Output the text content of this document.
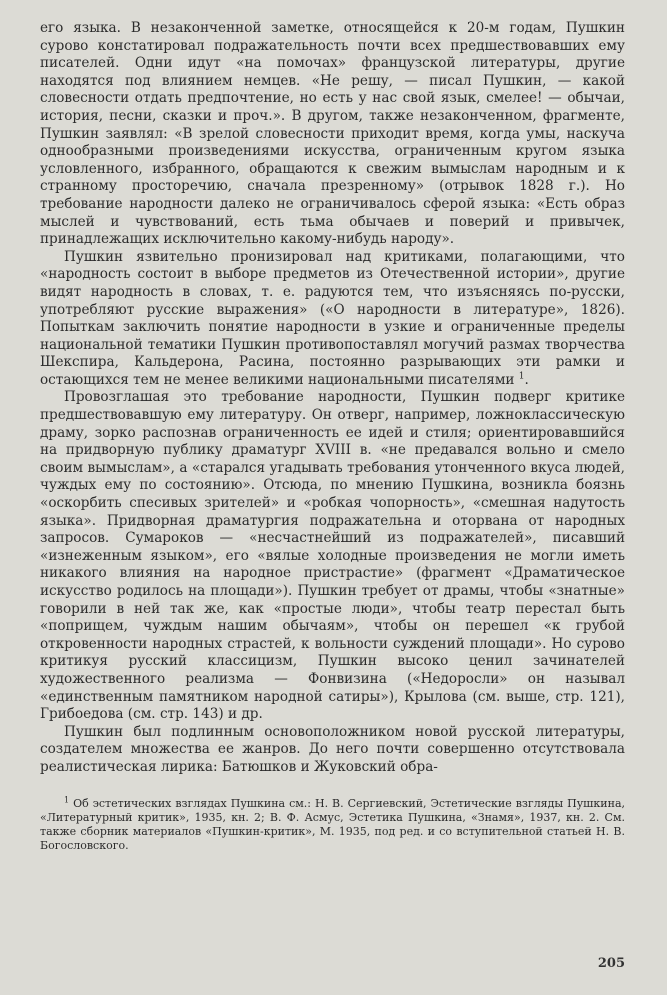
его языка. В незаконченной заметке, относящейся к 20-м годам, Пушкин сурово констатировал подражательность почти всех предшествовавших ему писателей. Одни идут «на помочах» французской литературы, другие находятся под влиянием немцев. «Не решу, — писал Пушкин, — какой словесности отдать предпочтение, но есть у нас свой язык, смелее! — обычаи, история, песни, сказки и проч.». В другом, также незаконченном, фрагменте, Пушкин заявлял: «В зрелой словесности приходит время, когда умы, наскуча однообразными произведениями искусства, ограниченным кругом языка условленного, избранного, обращаются к свежим вымыслам народным и к странному просторечию, сначала презренному» (отрывок 1828 г.). Но требование народности далеко не ограничивалось сферой языка: «Есть образ мыслей и чувствований, есть тьма обычаев и поверий и привычек, принадлежащих исключительно какому-нибудь народу».

Пушкин язвительно пронизировал над критиками, полагающими, что «народность состоит в выборе предметов из Отечественной истории», другие видят народность в словах, т. е. радуются тем, что изъясняясь по-русски, употребляют русские выражения» («О народности в литературе», 1826). Попыткам заключить понятие народности в узкие и ограниченные пределы национальной тематики Пушкин противопоставлял могучий размах творчества Шекспира, Кальдерона, Расина, постоянно разрывающих эти рамки и остающихся тем не менее великими национальными писателями $^1$.

Провозглашая это требование народности, Пушкин подверг критике предшествовавшую ему литературу. Он отверг, например, ложноклассическую драму, зорко распознав ограниченность ее идей и стиля; ориентировавшийся на придворную публику драматург XVIII в. «не предавался вольно и смело своим вымыслам», а «старался угадывать требования утонченного вкуса людей, чуждых ему по состоянию». Отсюда, по мнению Пушкина, возникла боязнь «оскорбить спесивых зрителей» и «робкая чопорность», «смешная надутость языка». Придворная драматургия подражательна и оторвана от народных запросов. Сумароков — «несчастнейший из подражателей», писавший «изнеженным языком», его «вялые холодные произведения не могли иметь никакого влияния на народное пристрастие» (фрагмент «Драматическое искусство родилось на площади»). Пушкин требует от драмы, чтобы «знатные» говорили в ней так же, как «простые люди», чтобы театр перестал быть «поприщем, чуждым нашим обычаям», чтобы он перешел «к грубой откровенности народных страстей, к вольности суждений площади». Но сурово критикуя русский классицизм, Пушкин высоко ценил зачинателей художественного реализма — Фонвизина («Недоросли» он называл «единственным памятником народной сатиры»), Крылова (см. выше, стр. 121), Грибоедова (см. стр. 143) и др.

Пушкин был подлинным основоположником новой русской литературы, создателем множества ее жанров. До него почти совершенно отсутствовала реалистическая лирика: Батюшков и Жуковский обра-

$^1$ Об эстетических взглядах Пушкина см.: Н. В. Сергиевский, Эстетические взгляды Пушкина, «Литературный критик», 1935, кн. 2; В. Ф. Асмус, Эстетика Пушкина, «Знамя», 1937, кн. 2. См. также сборник материалов «Пушкин-критик», М. 1935, под ред. и со вступительной статьей Н. В. Богословского.

205
